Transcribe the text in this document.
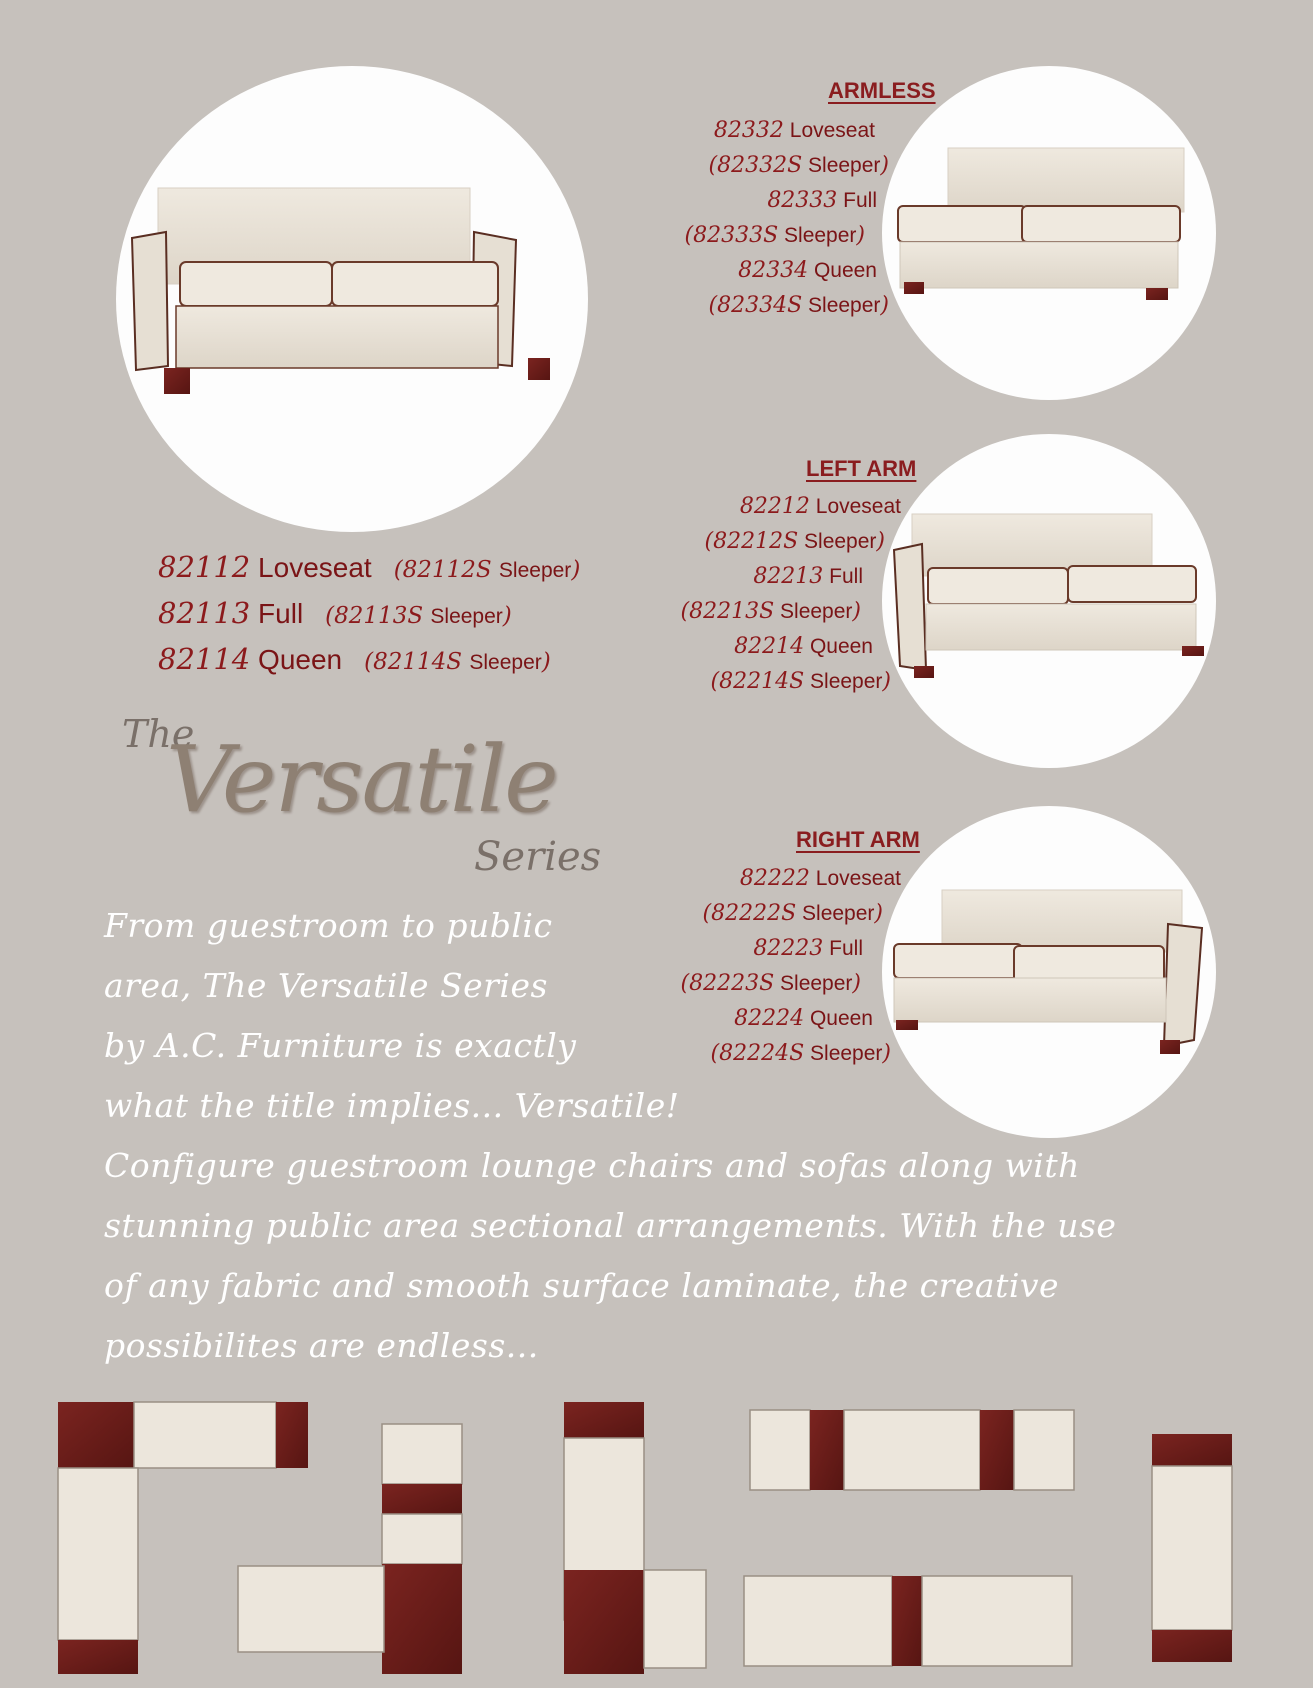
ARMLESS
LEFT ARM
RIGHT ARM
82332 Loveseat
(82332S Sleeper)
82333 Full
(82333S Sleeper)
82334 Queen
(82334S Sleeper)
82212 Loveseat
(82212S Sleeper)
82213 Full
(82213S Sleeper)
82214 Queen
(82214S Sleeper)
82222 Loveseat
(82222S Sleeper)
82223 Full
(82223S Sleeper)
82224 Queen
(82224S Sleeper)
82112 Loveseat (82112S Sleeper)
82113 Full (82113S Sleeper)
82114 Queen (82114S Sleeper)
The
Versatile
Series
From guestroom to public
area, The Versatile Series
by A.C. Furniture is exactly
what the title implies... Versatile!
Configure guestroom lounge chairs and sofas along with
stunning public area sectional arrangements. With the use
of any fabric and smooth surface laminate, the creative
possibilites are endless...
